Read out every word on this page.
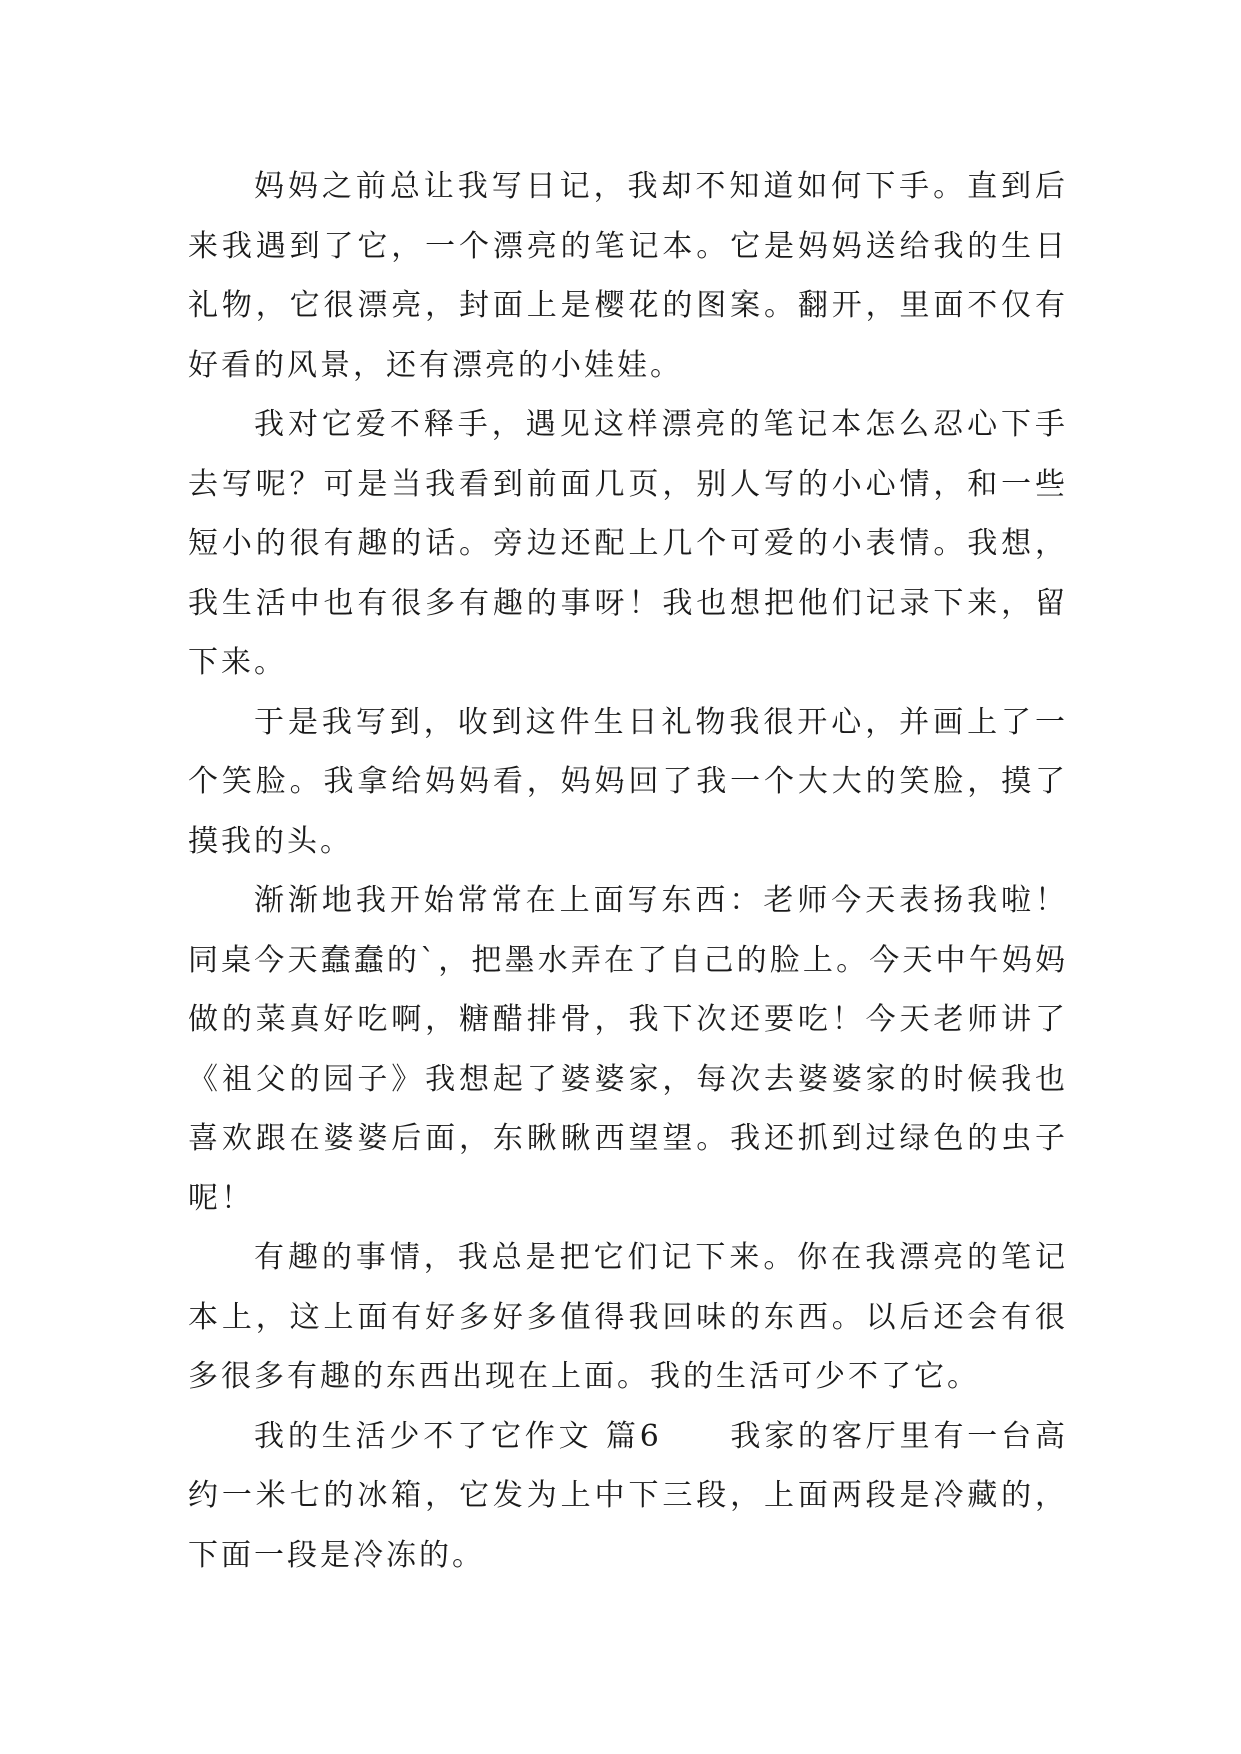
妈妈之前总让我写日记，我却不知道如何下手。直到后来我遇到了它，一个漂亮的笔记本。它是妈妈送给我的生日礼物，它很漂亮，封面上是樱花的图案。翻开，里面不仅有好看的风景，还有漂亮的小娃娃。

我对它爱不释手，遇见这样漂亮的笔记本怎么忍心下手去写呢？可是当我看到前面几页，别人写的小心情，和一些短小的很有趣的话。旁边还配上几个可爱的小表情。我想，我生活中也有很多有趣的事呀！我也想把他们记录下来，留下来。

于是我写到，收到这件生日礼物我很开心，并画上了一个笑脸。我拿给妈妈看，妈妈回了我一个大大的笑脸，摸了摸我的头。

渐渐地我开始常常在上面写东西：老师今天表扬我啦！同桌今天蠢蠢的`，把墨水弄在了自己的脸上。今天中午妈妈做的菜真好吃啊，糖醋排骨，我下次还要吃！今天老师讲了《祖父的园子》我想起了婆婆家，每次去婆婆家的时候我也喜欢跟在婆婆后面，东瞅瞅西望望。我还抓到过绿色的虫子呢！

有趣的事情，我总是把它们记下来。你在我漂亮的笔记本上，这上面有好多好多值得我回味的东西。以后还会有很多很多有趣的东西出现在上面。我的生活可少不了它。

我的生活少不了它作文 篇6　　我家的客厅里有一台高约一米七的冰箱，它发为上中下三段，上面两段是冷藏的，下面一段是冷冻的。
